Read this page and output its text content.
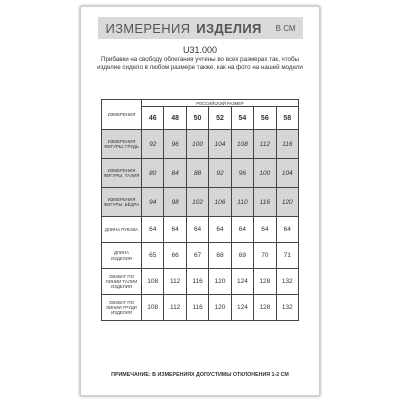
ИЗМЕРЕНИЯ ИЗДЕЛИЯ В СМ
U31.000
Прибавки на свободу облегания учтены во всех размерах так, чтобы изделие сидело в любом размере также, как на фото на нашей модели
ИЗМЕРЕНИЯ	РОССИЙСКИЙ РАЗМЕР						
	46	48	50	52	54	56	58
ИЗМЕРЕНИЯ ФИГУРЫ: ГРУДЬ	92	96	100	104	108	112	116
ИЗМЕРЕНИЯ ФИГУРЫ: ТАЛИЯ	80	84	88	92	96	100	104
ИЗМЕРЕНИЯ ФИГУРЫ: БЁДРА	94	98	102	106	110	116	120
ДЛИНА РУКАВА	64	64	64	64	64	64	64
ДЛИНА ИЗДЕЛИЯ	65	66	67	68	69	70	71
ОБХВАТ ПО ЛИНИИ ТАЛИИ ИЗДЕЛИЯ	108	112	116	120	124	128	132
ОБХВАТ ПО ЛИНИИ ГРУДИ ИЗДЕЛИЯ	108	112	116	120	124	128	132
ПРИМЕЧАНИЕ: В ИЗМЕРЕНИЯХ ДОПУСТИМЫ ОТКЛОНЕНИЯ 1-2 СМ
